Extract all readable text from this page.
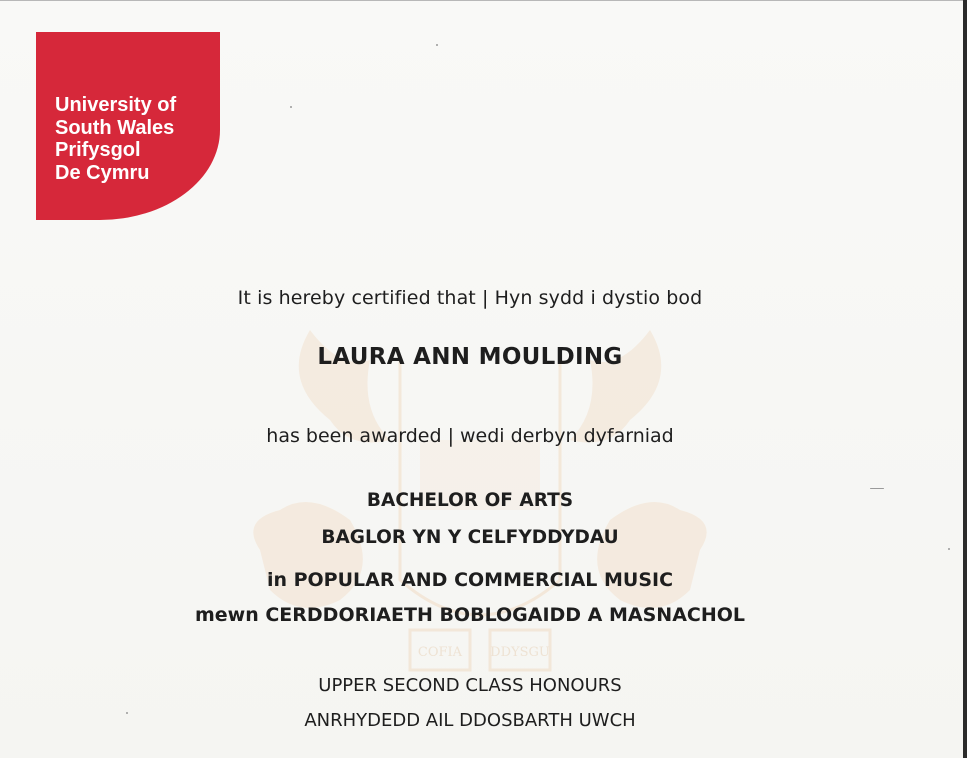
COFIA DDYSGU
University of
South Wales
Prifysgol
De Cymru
It is hereby certified that | Hyn sydd i dystio bod
LAURA ANN MOULDING
has been awarded | wedi derbyn dyfarniad
BACHELOR OF ARTS
BAGLOR YN Y CELFYDDYDAU
in POPULAR AND COMMERCIAL MUSIC
mewn CERDDORIAETH BOBLOGAIDD A MASNACHOL
UPPER SECOND CLASS HONOURS
ANRHYDEDD AIL DDOSBARTH UWCH
